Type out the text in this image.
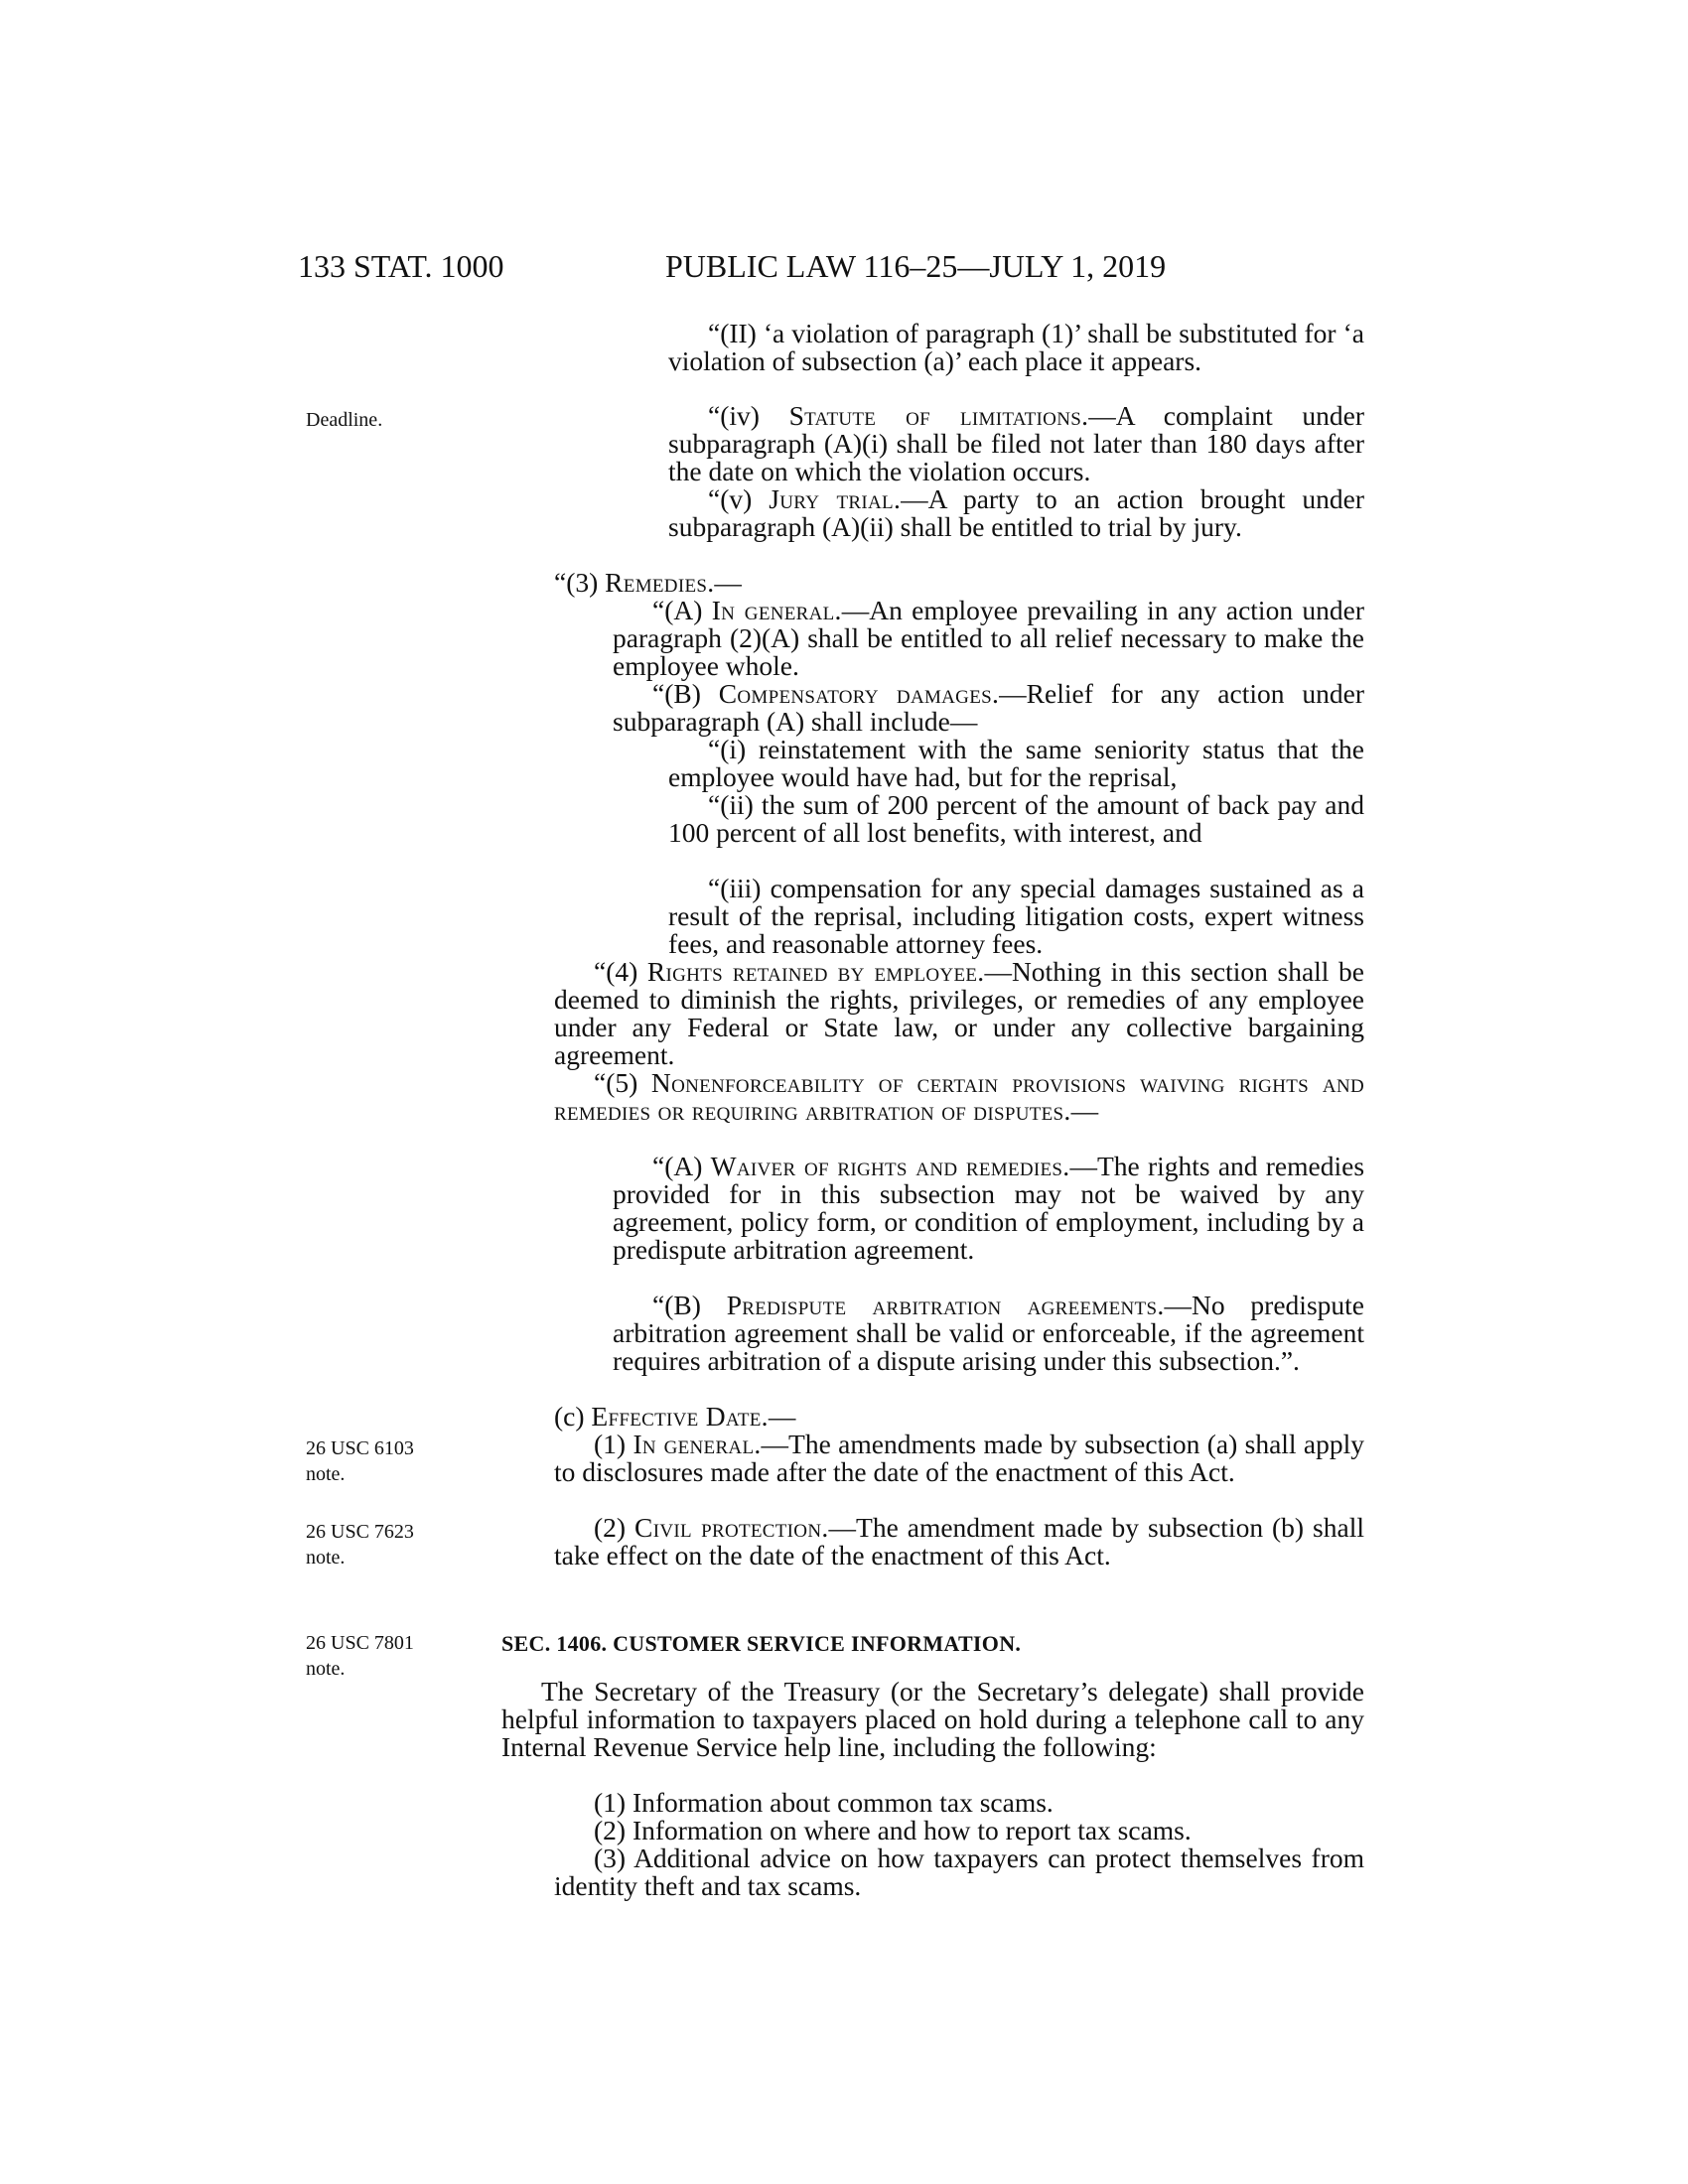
133 STAT. 1000	PUBLIC LAW 116–25—JULY 1, 2019
Deadline.
26 USC 6103 note.
26 USC 7623 note.
26 USC 7801 note.

“(II) ‘a violation of paragraph (1)’ shall be substituted for ‘a violation of subsection (a)’ each place it appears.

“(iv) Statute of limitations.—A complaint under subparagraph (A)(i) shall be filed not later than 180 days after the date on which the violation occurs.

“(v) Jury trial.—A party to an action brought under subparagraph (A)(ii) shall be entitled to trial by jury.

“(3) Remedies.—

“(A) In general.—An employee prevailing in any action under paragraph (2)(A) shall be entitled to all relief necessary to make the employee whole.

“(B) Compensatory damages.—Relief for any action under subparagraph (A) shall include—

“(i) reinstatement with the same seniority status that the employee would have had, but for the reprisal,

“(ii) the sum of 200 percent of the amount of back pay and 100 percent of all lost benefits, with interest, and

“(iii) compensation for any special damages sustained as a result of the reprisal, including litigation costs, expert witness fees, and reasonable attorney fees.

“(4) Rights retained by employee.—Nothing in this section shall be deemed to diminish the rights, privileges, or remedies of any employee under any Federal or State law, or under any collective bargaining agreement.

“(5) Nonenforceability of certain provisions waiving rights and remedies or requiring arbitration of disputes.—

“(A) Waiver of rights and remedies.—The rights and remedies provided for in this subsection may not be waived by any agreement, policy form, or condition of employment, including by a predispute arbitration agreement.

“(B) Predispute arbitration agreements.—No predispute arbitration agreement shall be valid or enforceable, if the agreement requires arbitration of a dispute arising under this subsection.”.

(c) Effective Date.—

(1) In general.—The amendments made by subsection (a) shall apply to disclosures made after the date of the enactment of this Act.

(2) Civil protection.—The amendment made by subsection (b) shall take effect on the date of the enactment of this Act.

SEC. 1406. CUSTOMER SERVICE INFORMATION.

The Secretary of the Treasury (or the Secretary’s delegate) shall provide helpful information to taxpayers placed on hold during a telephone call to any Internal Revenue Service help line, including the following:

(1) Information about common tax scams.

(2) Information on where and how to report tax scams.

(3) Additional advice on how taxpayers can protect themselves from identity theft and tax scams.
